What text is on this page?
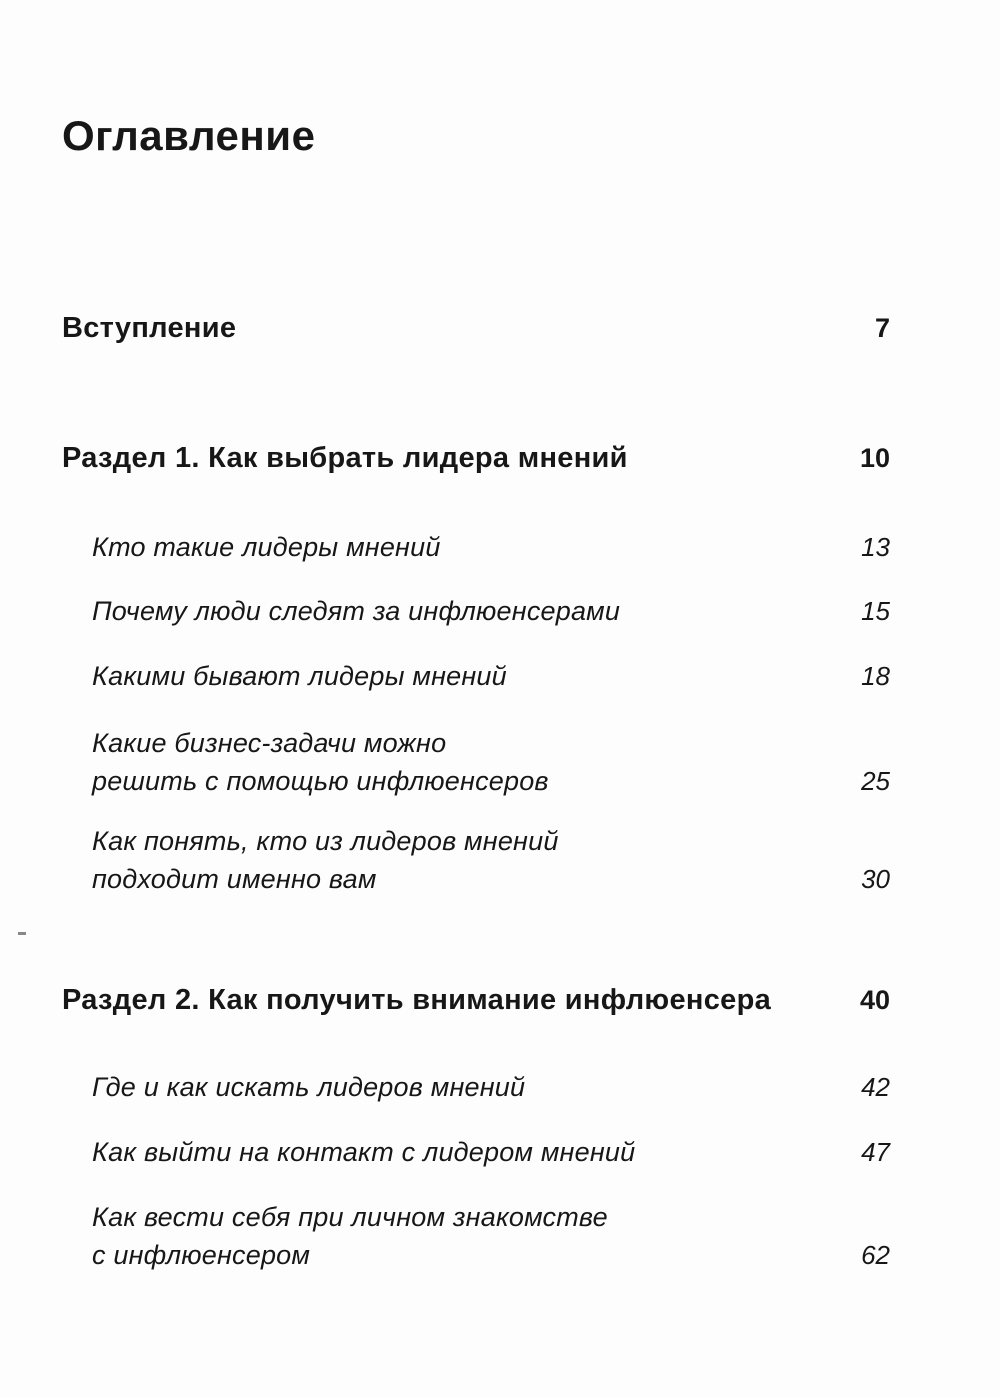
Оглавление
Вступление	7
Раздел 1. Как выбрать лидера мнений	10
Кто такие лидеры мнений	13
Почему люди следят за инфлюенсерами	15
Какими бывают лидеры мнений	18
Какие бизнес-задачи можно
решить с помощью инфлюенсеров	25
Как понять, кто из лидеров мнений
подходит именно вам	30
Раздел 2. Как получить внимание инфлюенсера	40
Где и как искать лидеров мнений	42
Как выйти на контакт с лидером мнений	47
Как вести себя при личном знакомстве
с инфлюенсером	62
